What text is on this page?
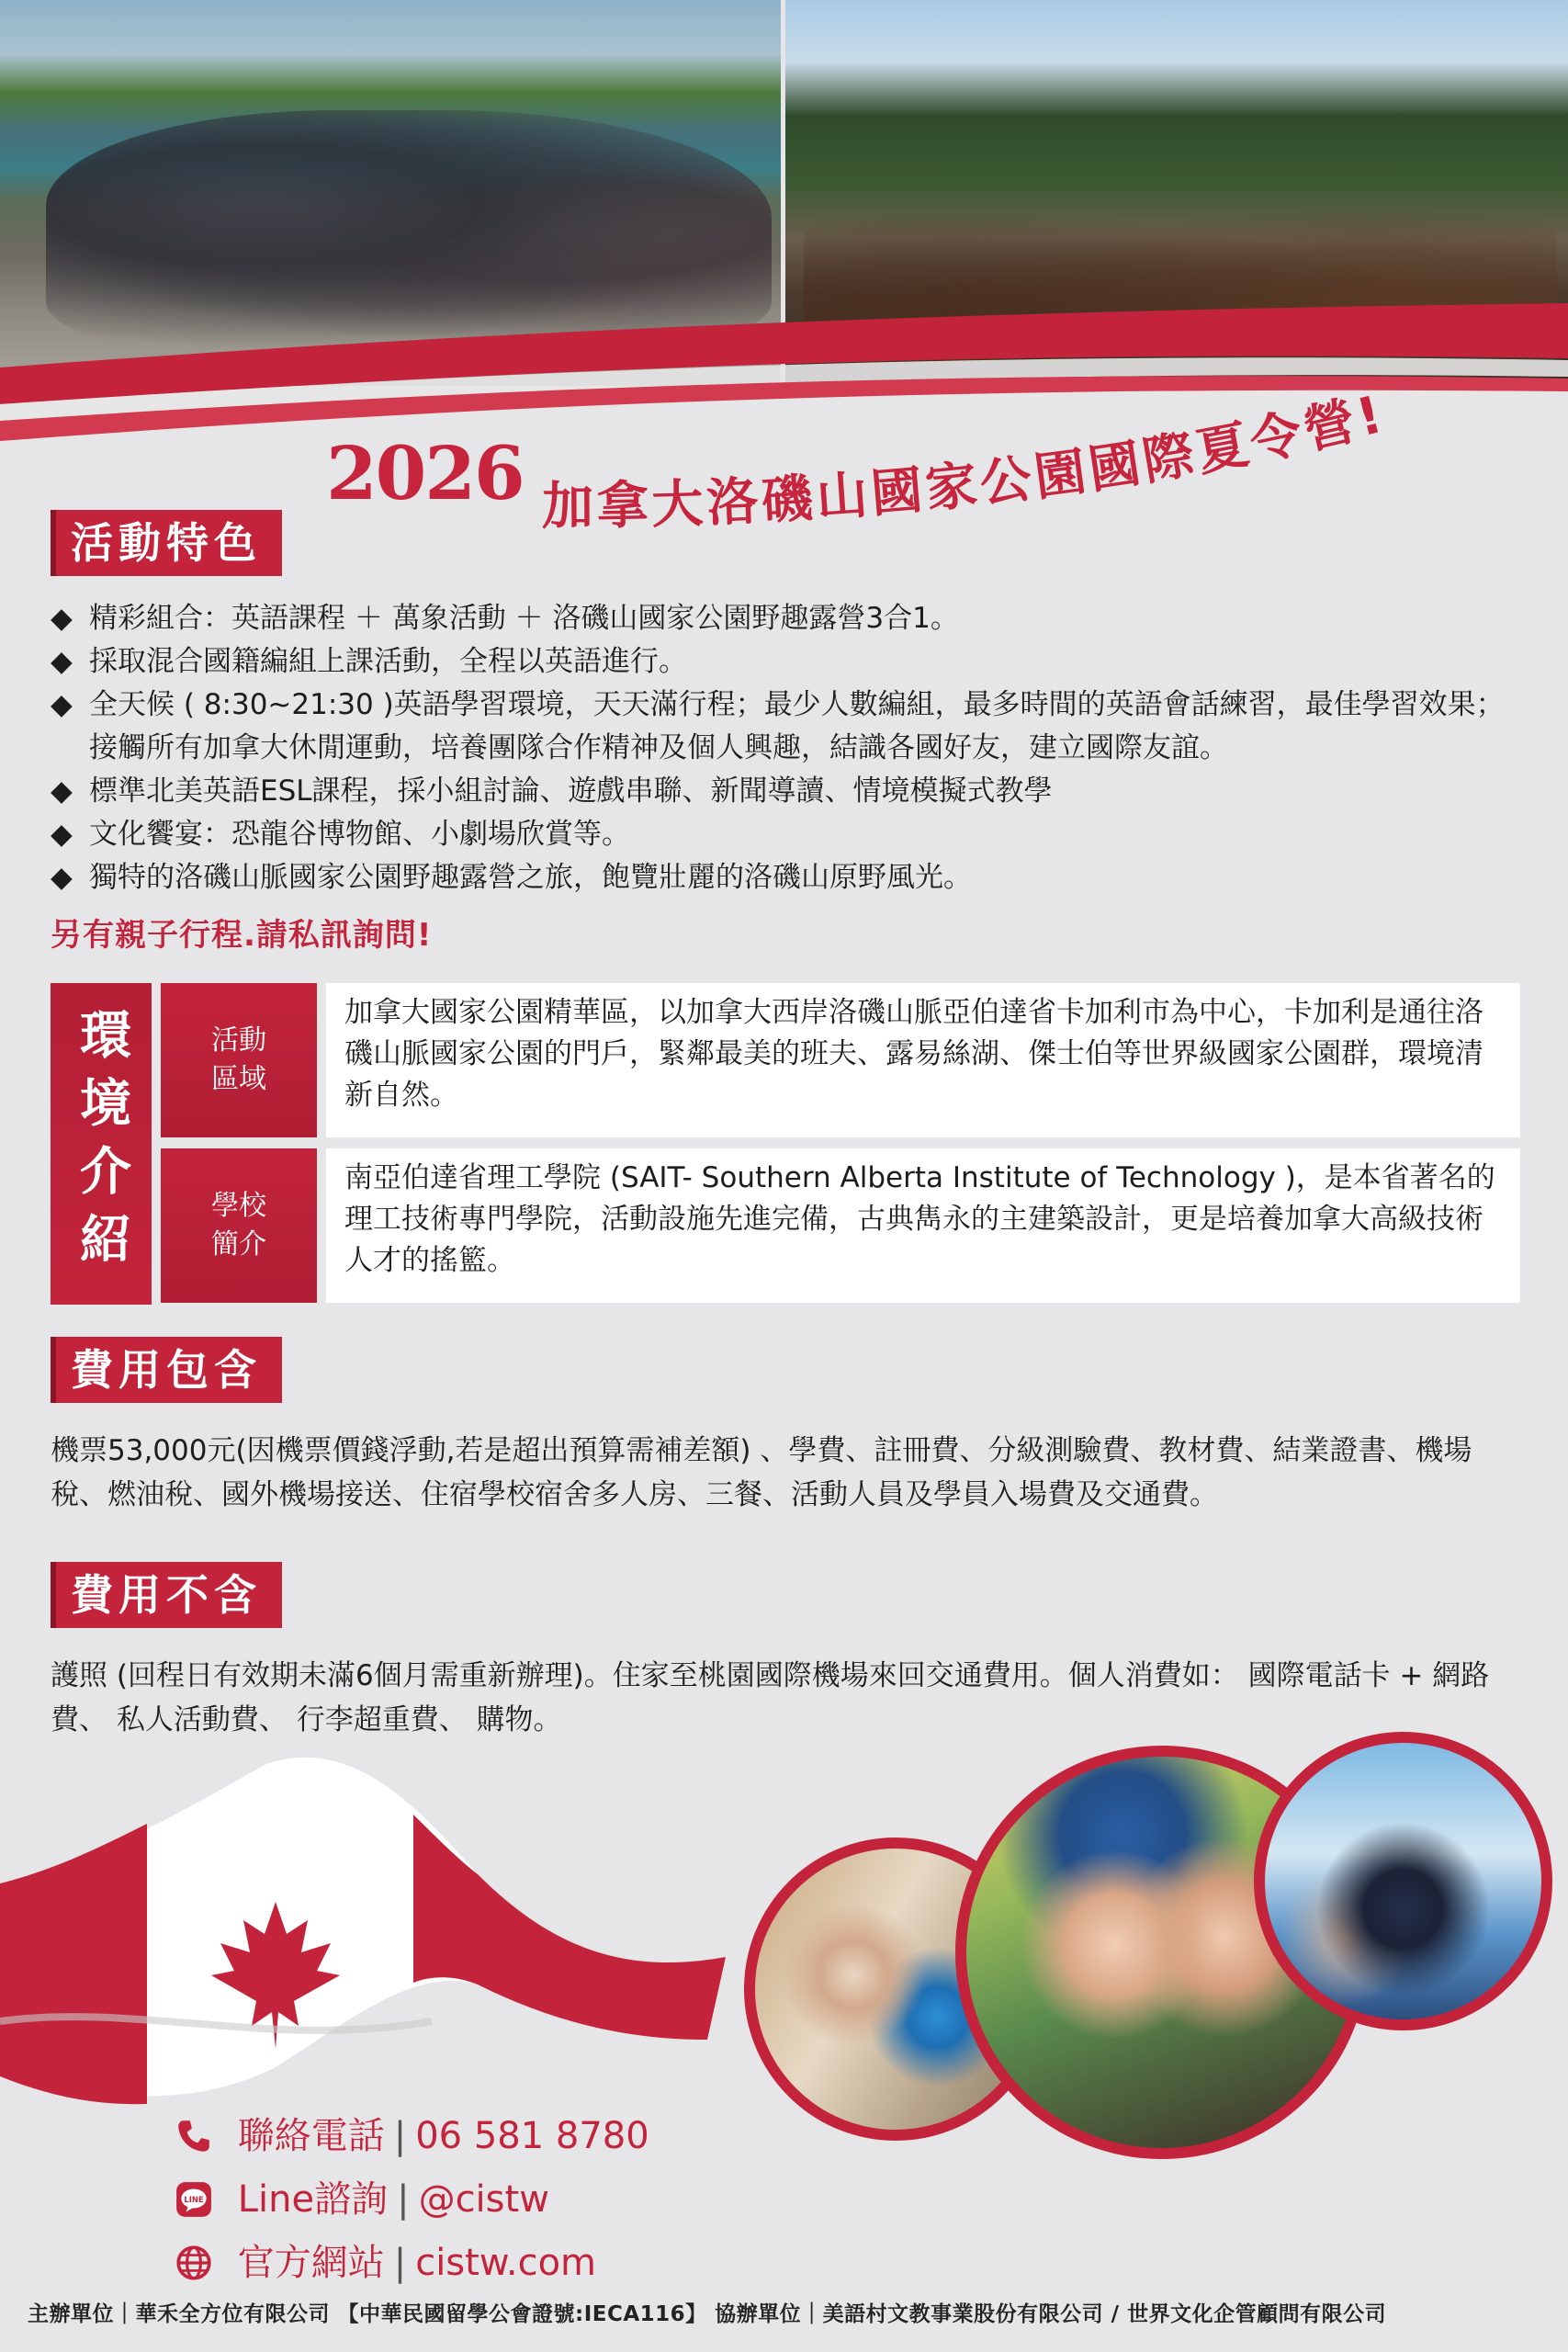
2026 加拿大洛磯山國家公園國際夏令營!
活動特色
◆ 精彩組合：英語課程 ＋ 萬象活動 ＋ 洛磯山國家公園野趣露營3合1。
◆ 採取混合國籍編組上課活動，全程以英語進行。
◆ 全天候 ( 8:30~21:30 )英語學習環境，天天滿行程；最少人數編組，最多時間的英語會話練習，最佳學習效果；接觸所有加拿大休閒運動，培養團隊合作精神及個人興趣，結識各國好友，建立國際友誼。
◆ 標準北美英語ESL課程，採小組討論、遊戲串聯、新聞導讀、情境模擬式教學
◆ 文化饗宴：恐龍谷博物館、小劇場欣賞等。
◆ 獨特的洛磯山脈國家公園野趣露營之旅，飽覽壯麗的洛磯山原野風光。
另有親子行程.請私訊詢問!
環境介紹	活動
區域
加拿大國家公園精華區，以加拿大西岸洛磯山脈亞伯達省卡加利市為中心，卡加利是通往洛磯山脈國家公園的門戶，緊鄰最美的班夫、露易絲湖、傑士伯等世界級國家公園群，環境清新自然。
學校
簡介
南亞伯達省理工學院 (SAIT- Southern Alberta Institute of Technology )，是本省著名的理工技術專門學院，活動設施先進完備，古典雋永的主建築設計，更是培養加拿大高級技術人才的搖籃。
費用包含
機票53,000元(因機票價錢浮動,若是超出預算需補差額) 、學費、註冊費、分級測驗費、教材費、結業證書、機場稅、燃油稅、國外機場接送、住宿學校宿舍多人房、三餐、活動人員及學員入場費及交通費。
費用不含
護照 (回程日有效期未滿6個月需重新辦理)。住家至桃園國際機場來回交通費用。個人消費如： 國際電話卡 + 網路費、 私人活動費、 行李超重費、 購物。
聯絡電話 | 06 581 8780
LINE Line諮詢 | @cistw
官方網站 | cistw.com
主辦單位｜華禾全方位有限公司 【中華民國留學公會證號:IECA116】 協辦單位｜美語村文教事業股份有限公司 / 世界文化企管顧問有限公司
